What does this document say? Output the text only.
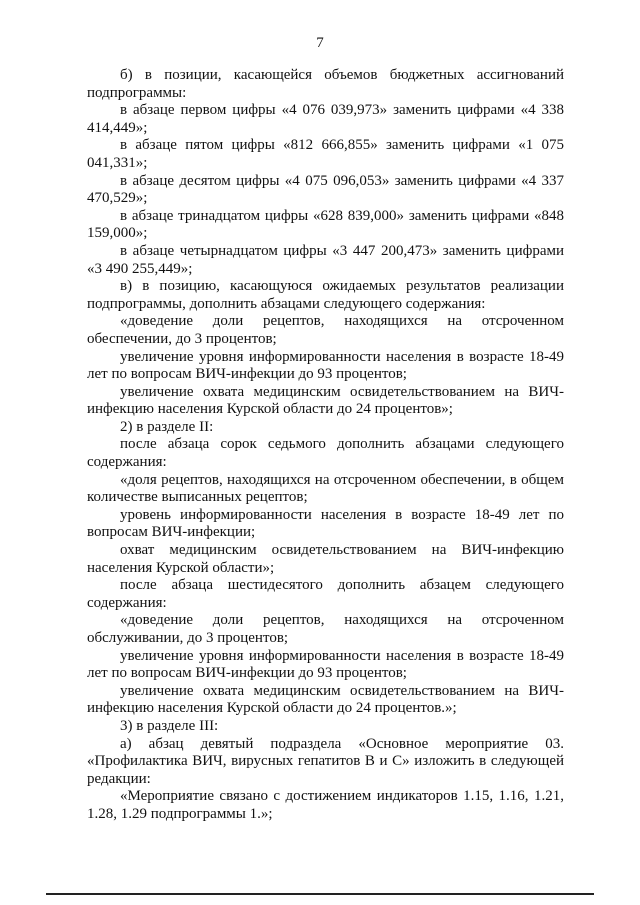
7

б) в позиции, касающейся объемов бюджетных ассигнований подпрограммы:

в абзаце первом цифры «4 076 039,973» заменить цифрами «4 338 414,449»;

в абзаце пятом цифры «812 666,855» заменить цифрами «1 075 041,331»;

в абзаце десятом цифры «4 075 096,053» заменить цифрами «4 337 470,529»;

в абзаце тринадцатом цифры «628 839,000» заменить цифрами «848 159,000»;

в абзаце четырнадцатом цифры «3 447 200,473» заменить цифрами «3 490 255,449»;

в) в позицию, касающуюся ожидаемых результатов реализации подпрограммы, дополнить абзацами следующего содержания:

«доведение доли рецептов, находящихся на отсроченном обеспечении, до 3 процентов;

увеличение уровня информированности населения в возрасте 18-49 лет по вопросам ВИЧ-инфекции до 93 процентов;

увеличение охвата медицинским освидетельствованием на ВИЧ-инфекцию населения Курской области до 24 процентов»;

2) в разделе II:

после абзаца сорок седьмого дополнить абзацами следующего содержания:

«доля рецептов, находящихся на отсроченном обеспечении, в общем количестве выписанных рецептов;

уровень информированности населения в возрасте 18-49 лет по вопросам ВИЧ-инфекции;

охват медицинским освидетельствованием на ВИЧ-инфекцию населения Курской области»;

после абзаца шестидесятого дополнить абзацем следующего содержания:

«доведение доли рецептов, находящихся на отсроченном обслуживании, до 3 процентов;

увеличение уровня информированности населения в возрасте 18-49 лет по вопросам ВИЧ-инфекции до 93 процентов;

увеличение охвата медицинским освидетельствованием на ВИЧ-инфекцию населения Курской области до 24 процентов.»;

3) в разделе III:

а) абзац девятый подраздела «Основное мероприятие 03. «Профилактика ВИЧ, вирусных гепатитов В и С» изложить в следующей редакции:

«Мероприятие связано с достижением индикаторов 1.15, 1.16, 1.21, 1.28, 1.29 подпрограммы 1.»;
